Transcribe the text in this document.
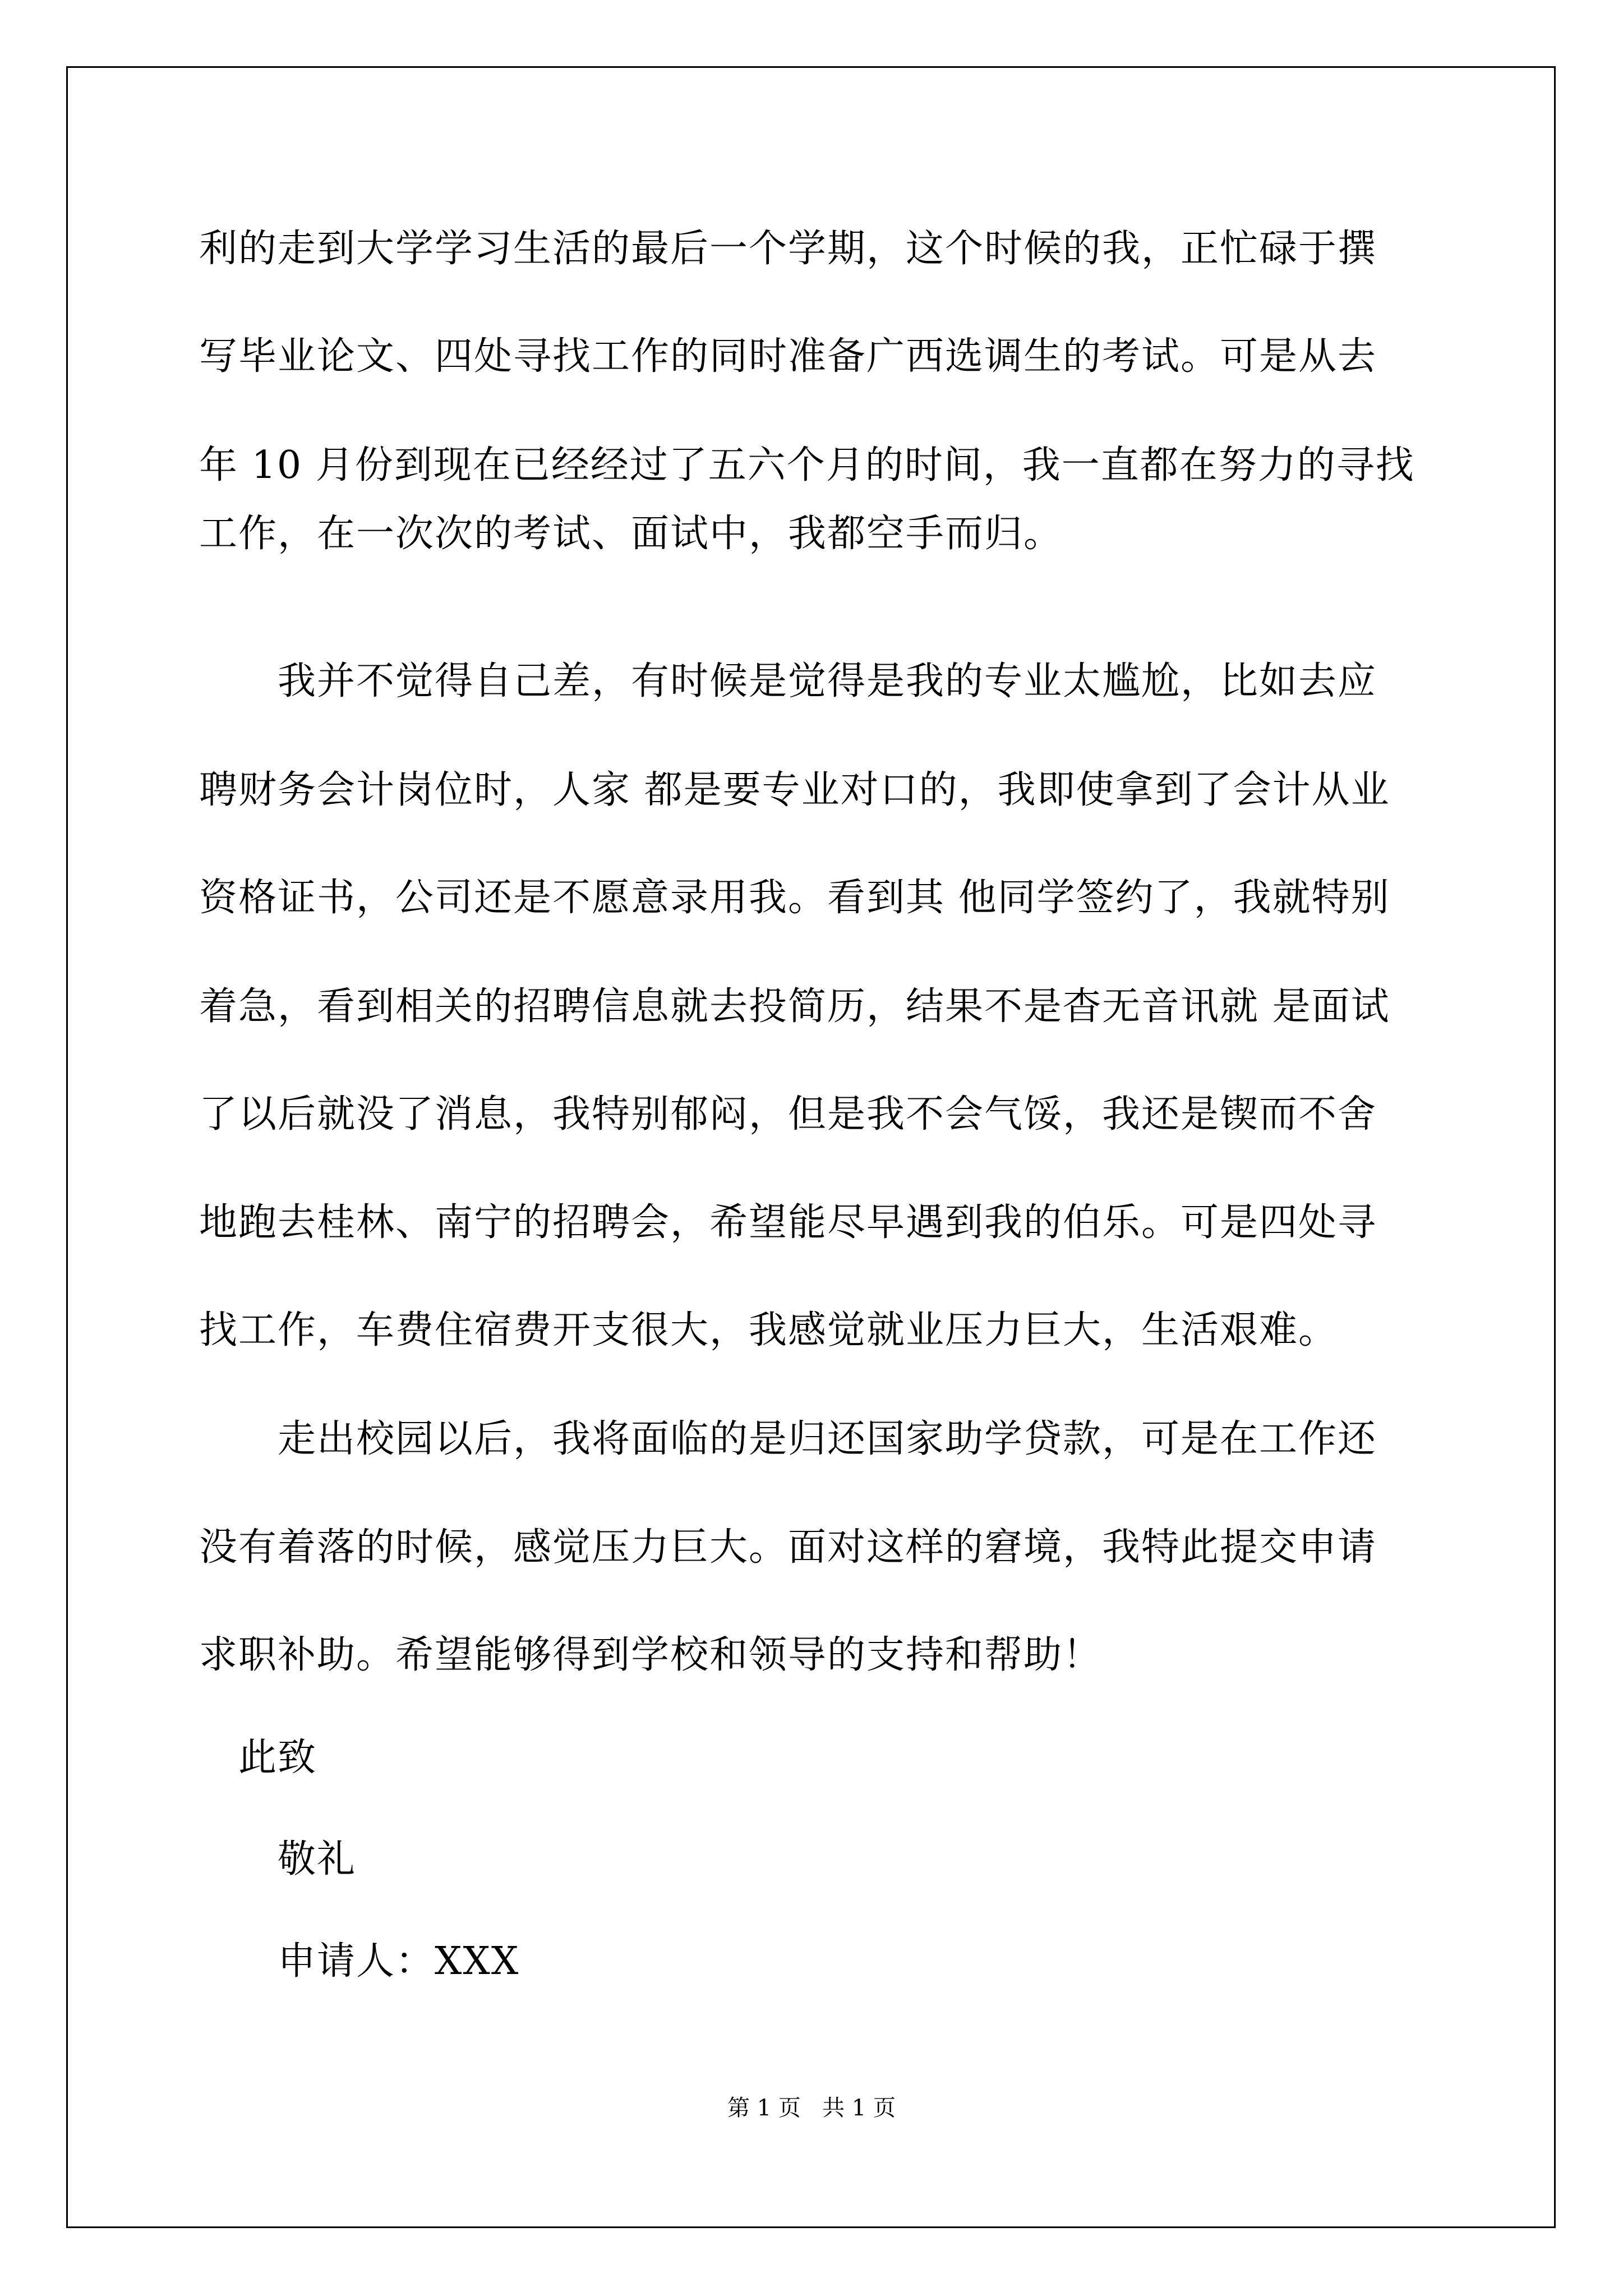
利的走到大学学习生活的最后一个学期，这个时候的我，正忙碌于撰
写毕业论文、四处寻找工作的同时准备广西选调生的考试。可是从去
年 10 月份到现在已经经过了五六个月的时间，我一直都在努力的寻找
工作，在一次次的考试、面试中，我都空手而归。
我并不觉得自己差，有时候是觉得是我的专业太尴尬，比如去应
聘财务会计岗位时，人家 都是要专业对口的，我即使拿到了会计从业
资格证书，公司还是不愿意录用我。看到其 他同学签约了，我就特别
着急，看到相关的招聘信息就去投简历，结果不是杳无音讯就 是面试
了以后就没了消息，我特别郁闷，但是我不会气馁，我还是锲而不舍
地跑去桂林、南宁的招聘会，希望能尽早遇到我的伯乐。可是四处寻
找工作，车费住宿费开支很大，我感觉就业压力巨大，生活艰难。
走出校园以后，我将面临的是归还国家助学贷款，可是在工作还
没有着落的时候，感觉压力巨大。面对这样的窘境，我特此提交申请
求职补助。希望能够得到学校和领导的支持和帮助！
此致
敬礼
申请人：XXX
第 1 页   共 1 页
